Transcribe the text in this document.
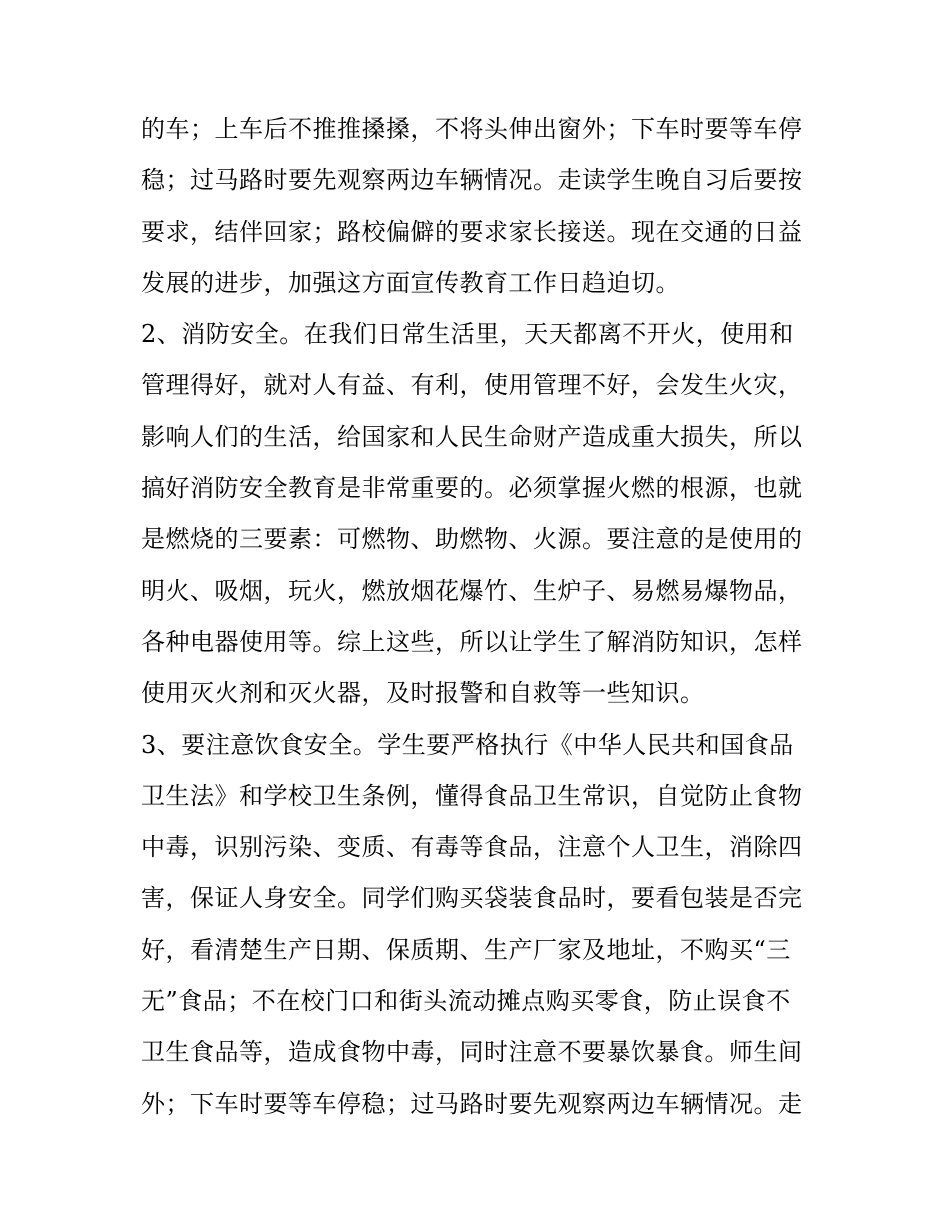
的车；上车后不推推搡搡，不将头伸出窗外；下车时要等车停
稳；过马路时要先观察两边车辆情况。走读学生晚自习后要按
要求，结伴回家；路校偏僻的要求家长接送。现在交通的日益
发展的进步，加强这方面宣传教育工作日趋迫切。
2、消防安全。在我们日常生活里，天天都离不开火，使用和
管理得好，就对人有益、有利，使用管理不好，会发生火灾，
影响人们的生活，给国家和人民生命财产造成重大损失，所以
搞好消防安全教育是非常重要的。必须掌握火燃的根源，也就
是燃烧的三要素：可燃物、助燃物、火源。要注意的是使用的
明火、吸烟，玩火，燃放烟花爆竹、生炉子、易燃易爆物品，
各种电器使用等。综上这些，所以让学生了解消防知识，怎样
使用灭火剂和灭火器，及时报警和自救等一些知识。
3、要注意饮食安全。学生要严格执行《中华人民共和国食品
卫生法》和学校卫生条例，懂得食品卫生常识，自觉防止食物
中毒，识别污染、变质、有毒等食品，注意个人卫生，消除四
害，保证人身安全。同学们购买袋装食品时，要看包装是否完
好，看清楚生产日期、保质期、生产厂家及地址，不购买“三
无”食品；不在校门口和街头流动摊点购买零食，防止误食不
卫生食品等，造成食物中毒，同时注意不要暴饮暴食。师生间
外；下车时要等车停稳；过马路时要先观察两边车辆情况。走
